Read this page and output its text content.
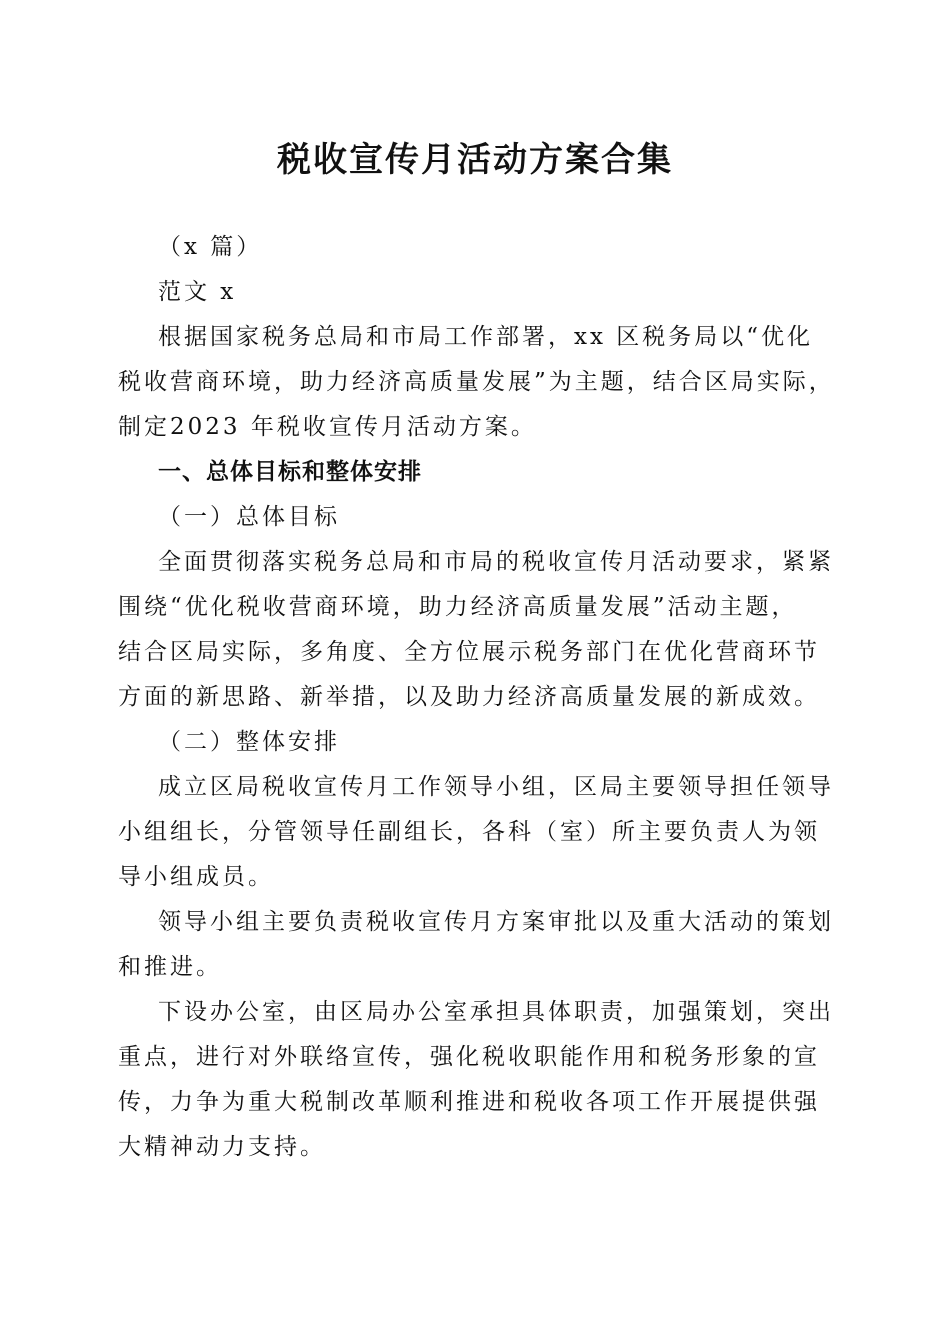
税收宣传月活动方案合集
（x 篇）
范文 x
根据国家税务总局和市局工作部署，xx 区税务局以“优化
税收营商环境，助力经济高质量发展”为主题，结合区局实际，
制定2023 年税收宣传月活动方案。
一、总体目标和整体安排
（一）总体目标
全面贯彻落实税务总局和市局的税收宣传月活动要求，紧紧
围绕“优化税收营商环境，助力经济高质量发展”活动主题，
结合区局实际，多角度、全方位展示税务部门在优化营商环节
方面的新思路、新举措，以及助力经济高质量发展的新成效。
（二）整体安排
成立区局税收宣传月工作领导小组，区局主要领导担任领导
小组组长，分管领导任副组长，各科（室）所主要负责人为领
导小组成员。
领导小组主要负责税收宣传月方案审批以及重大活动的策划
和推进。
下设办公室，由区局办公室承担具体职责，加强策划，突出
重点，进行对外联络宣传，强化税收职能作用和税务形象的宣
传，力争为重大税制改革顺利推进和税收各项工作开展提供强
大精神动力支持。
